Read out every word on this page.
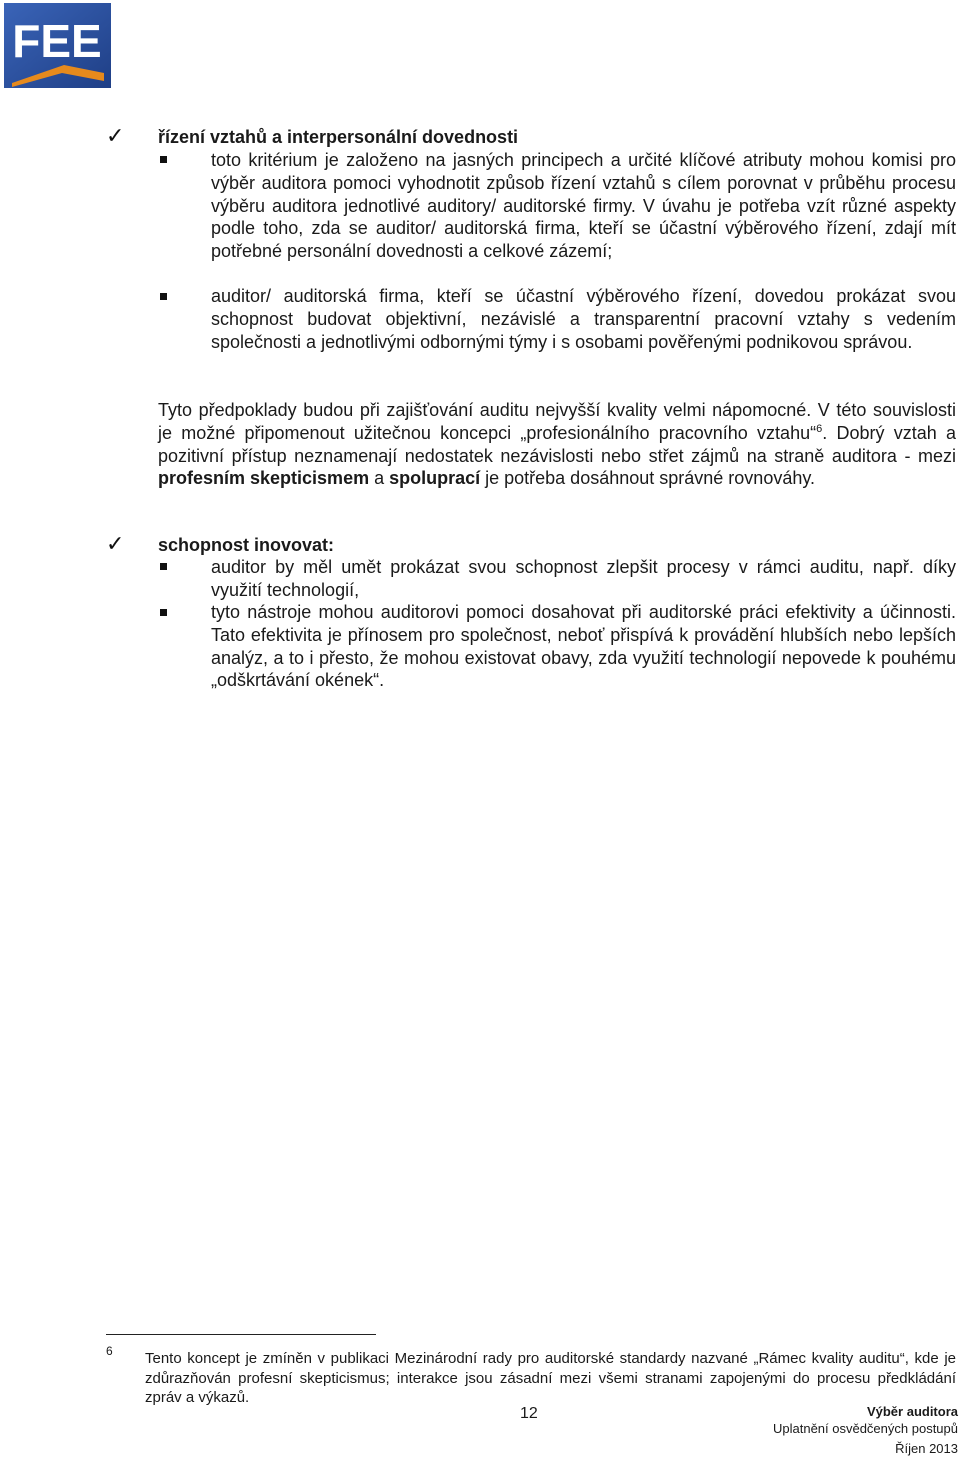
FEE
✓ řízení vztahů a interpersonální dovednosti

toto kritérium je založeno na jasných principech a určité klíčové atributy mohou komisi pro výběr auditora pomoci vyhodnotit způsob řízení vztahů s cílem porovnat v průběhu procesu výběru auditora jednotlivé auditory/ auditorské firmy. V úvahu je potřeba vzít různé aspekty podle toho, zda se auditor/ auditorská firma, kteří se účastní výběrového řízení, zdají mít potřebné personální dovednosti a celkové zázemí;

auditor/ auditorská firma, kteří se účastní výběrového řízení, dovedou prokázat svou schopnost budovat objektivní, nezávislé a transparentní pracovní vztahy s vedením společnosti a jednotlivými odbornými týmy i s osobami pověřenými podnikovou správou.

Tyto předpoklady budou při zajišťování auditu nejvyšší kvality velmi nápomocné. V této souvislosti je možné připomenout užitečnou koncepci „profesionálního pracovního vztahu“$^6$. Dobrý vztah a pozitivní přístup neznamenají nedostatek nezávislosti nebo střet zájmů na straně auditora - mezi profesním skepticismem a spoluprací je potřeba dosáhnout správné rovnováhy.

✓ schopnost inovovat:

auditor by měl umět prokázat svou schopnost zlepšit procesy v rámci auditu, např. díky využití technologií,

tyto nástroje mohou auditorovi pomoci dosahovat při auditorské práci efektivity a účinnosti. Tato efektivita je přínosem pro společnost, neboť přispívá k provádění hlubších nebo lepších analýz, a to i přesto, že mohou existovat obavy, zda využití technologií nepovede k pouhému „odškrtávání okének“.

6 Tento koncept je zmíněn v publikaci Mezinárodní rady pro auditorské standardy nazvané „Rámec kvality auditu“, kde je zdůrazňován profesní skepticismus; interakce jsou zásadní mezi všemi stranami zapojenými do procesu předkládání zpráv a výkazů.

12	Výběr auditora
Uplatnění osvědčených postupů
Říjen 2013
